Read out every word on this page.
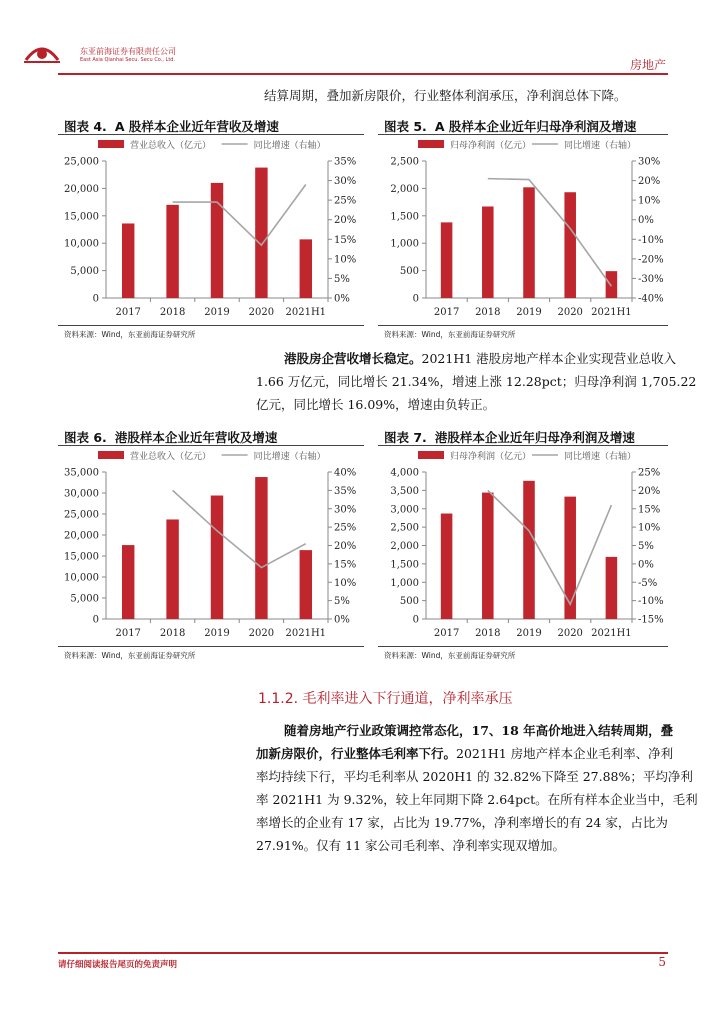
东亚前海证券有限责任公司
East Asia Qianhai Secu. Secu Co., Ltd.	房地产
结算周期，叠加新房限价，行业整体利润承压，净利润总体下降。
图表 4. A 股样本企业近年营收及增速	图表 5. A 股样本企业近年归母净利润及增速
营业总收入（亿元）	同比增速（右轴）
0
5,000
10,000
15,000
20,000
25,000
0%
5%
10%
15%
20%
25%
30%
35%
2017 2018 2019 2020 2021H1
归母净利润（亿元）	同比增速（右轴）
0
500
1,000
1,500
2,000
2,500
-40%
-30%
-20%
-10%
0%
10%
20%
30%
2017 2018 2019 2020 2021H1
资料来源：Wind，东亚前海证券研究所	资料来源：Wind，东亚前海证券研究所
港股房企营收增长稳定。2021H1 港股房地产样本企业实现营业总收入
1.66 万亿元，同比增长 21.34%，增速上涨 12.28pct；归母净利润 1,705.22
亿元，同比增长 16.09%，增速由负转正。
图表 6. 港股样本企业近年营收及增速	图表 7. 港股样本企业近年归母净利润及增速
营业总收入（亿元）	同比增速（右轴）
0
5,000
10,000
15,000
20,000
25,000
30,000
35,000
0%
5%
10%
15%
20%
25%
30%
35%
40%
2017 2018 2019 2020 2021H1
归母净利润（亿元）	同比增速（右轴）
0
500
1,000
1,500
2,000
2,500
3,000
3,500
4,000
-15%
-10%
-5%
0%
5%
10%
15%
20%
25%
2017 2018 2019 2020 2021H1
资料来源：Wind，东亚前海证券研究所	资料来源：Wind，东亚前海证券研究所
1.1.2. 毛利率进入下行通道，净利率承压
随着房地产行业政策调控常态化，17、18 年高价地进入结转周期，叠
加新房限价，行业整体毛利率下行。2021H1 房地产样本企业毛利率、净利
率均持续下行，平均毛利率从 2020H1 的 32.82%下降至 27.88%；平均净利
率 2021H1 为 9.32%，较上年同期下降 2.64pct。在所有样本企业当中，毛利
率增长的企业有 17 家，占比为 19.77%，净利率增长的有 24 家，占比为
27.91%。仅有 11 家公司毛利率、净利率实现双增加。
请仔细阅读报告尾页的免责声明	5
